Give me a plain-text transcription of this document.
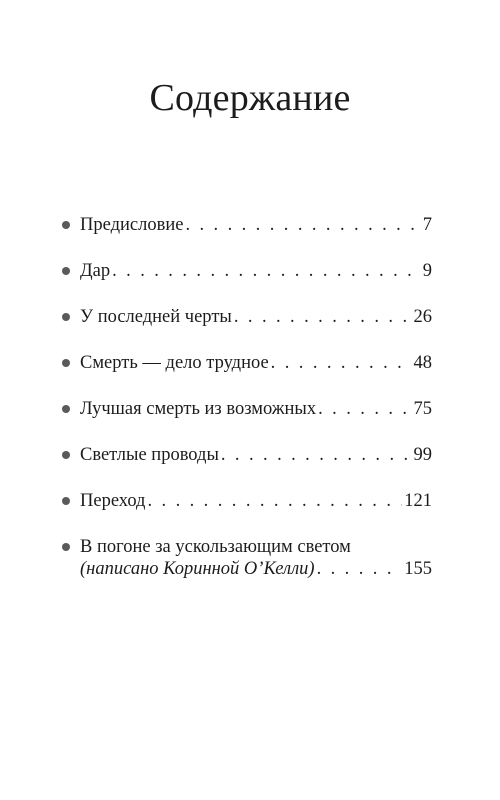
Содержание
Предисловие . . .	7
Дар . . .	9
У последней черты . . .	26
Смерть — дело трудное . . .	48
Лучшая смерть из возможных . . .	75
Светлые проводы . . .	99
Переход . . .	121
В погоне за ускользающим светом
(написано Коринной О’Келли) . . .	155
